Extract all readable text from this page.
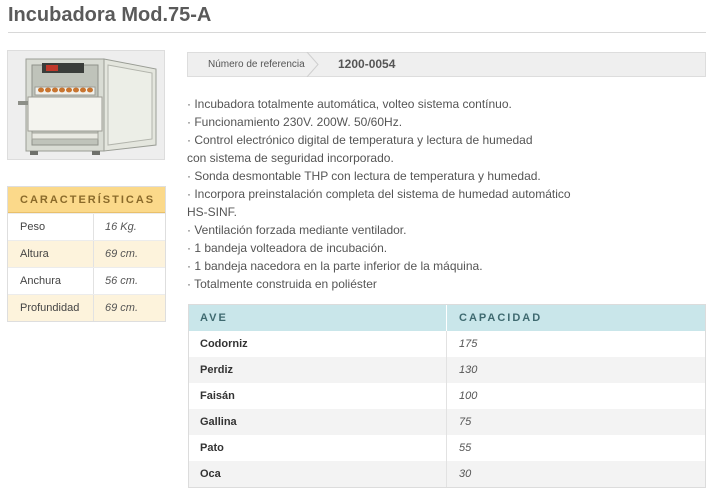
Incubadora Mod.75-A
CARACTERÍSTICAS
Peso	16 Kg.
Altura	69 cm.
Anchura	56 cm.
Profundidad	69 cm.
Número de referencia	1200-0054
· Incubadora totalmente automática, volteo sistema contínuo.
· Funcionamiento 230V. 200W. 50/60Hz.
· Control electrónico digital de temperatura y lectura de humedad
con sistema de seguridad incorporado.
· Sonda desmontable THP con lectura de temperatura y humedad.
· Incorpora preinstalación completa del sistema de humedad automático
HS-SINF.
· Ventilación forzada mediante ventilador.
· 1 bandeja volteadora de incubación.
· 1 bandeja nacedora en la parte inferior de la máquina.
· Totalmente construida en poliéster
AVE	CAPACIDAD
Codorniz	175
Perdiz	130
Faisán	100
Gallina	75
Pato	55
Oca	30
